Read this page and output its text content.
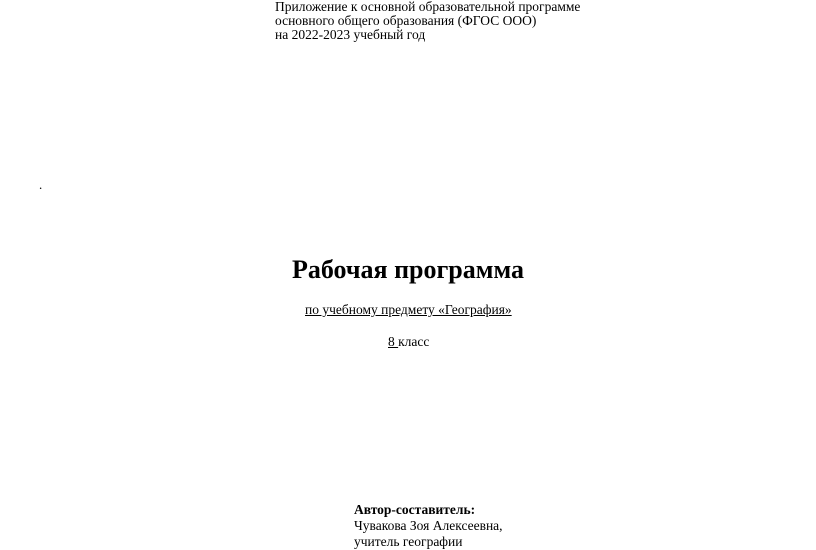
Приложение к основной образовательной программе
основного общего образования (ФГОС ООО)
на 2022-2023 учебный год
.
Рабочая программа
по учебному предмету «География»
8 класс
Автор-составитель:
Чувакова Зоя Алексеевна,
учитель географии
